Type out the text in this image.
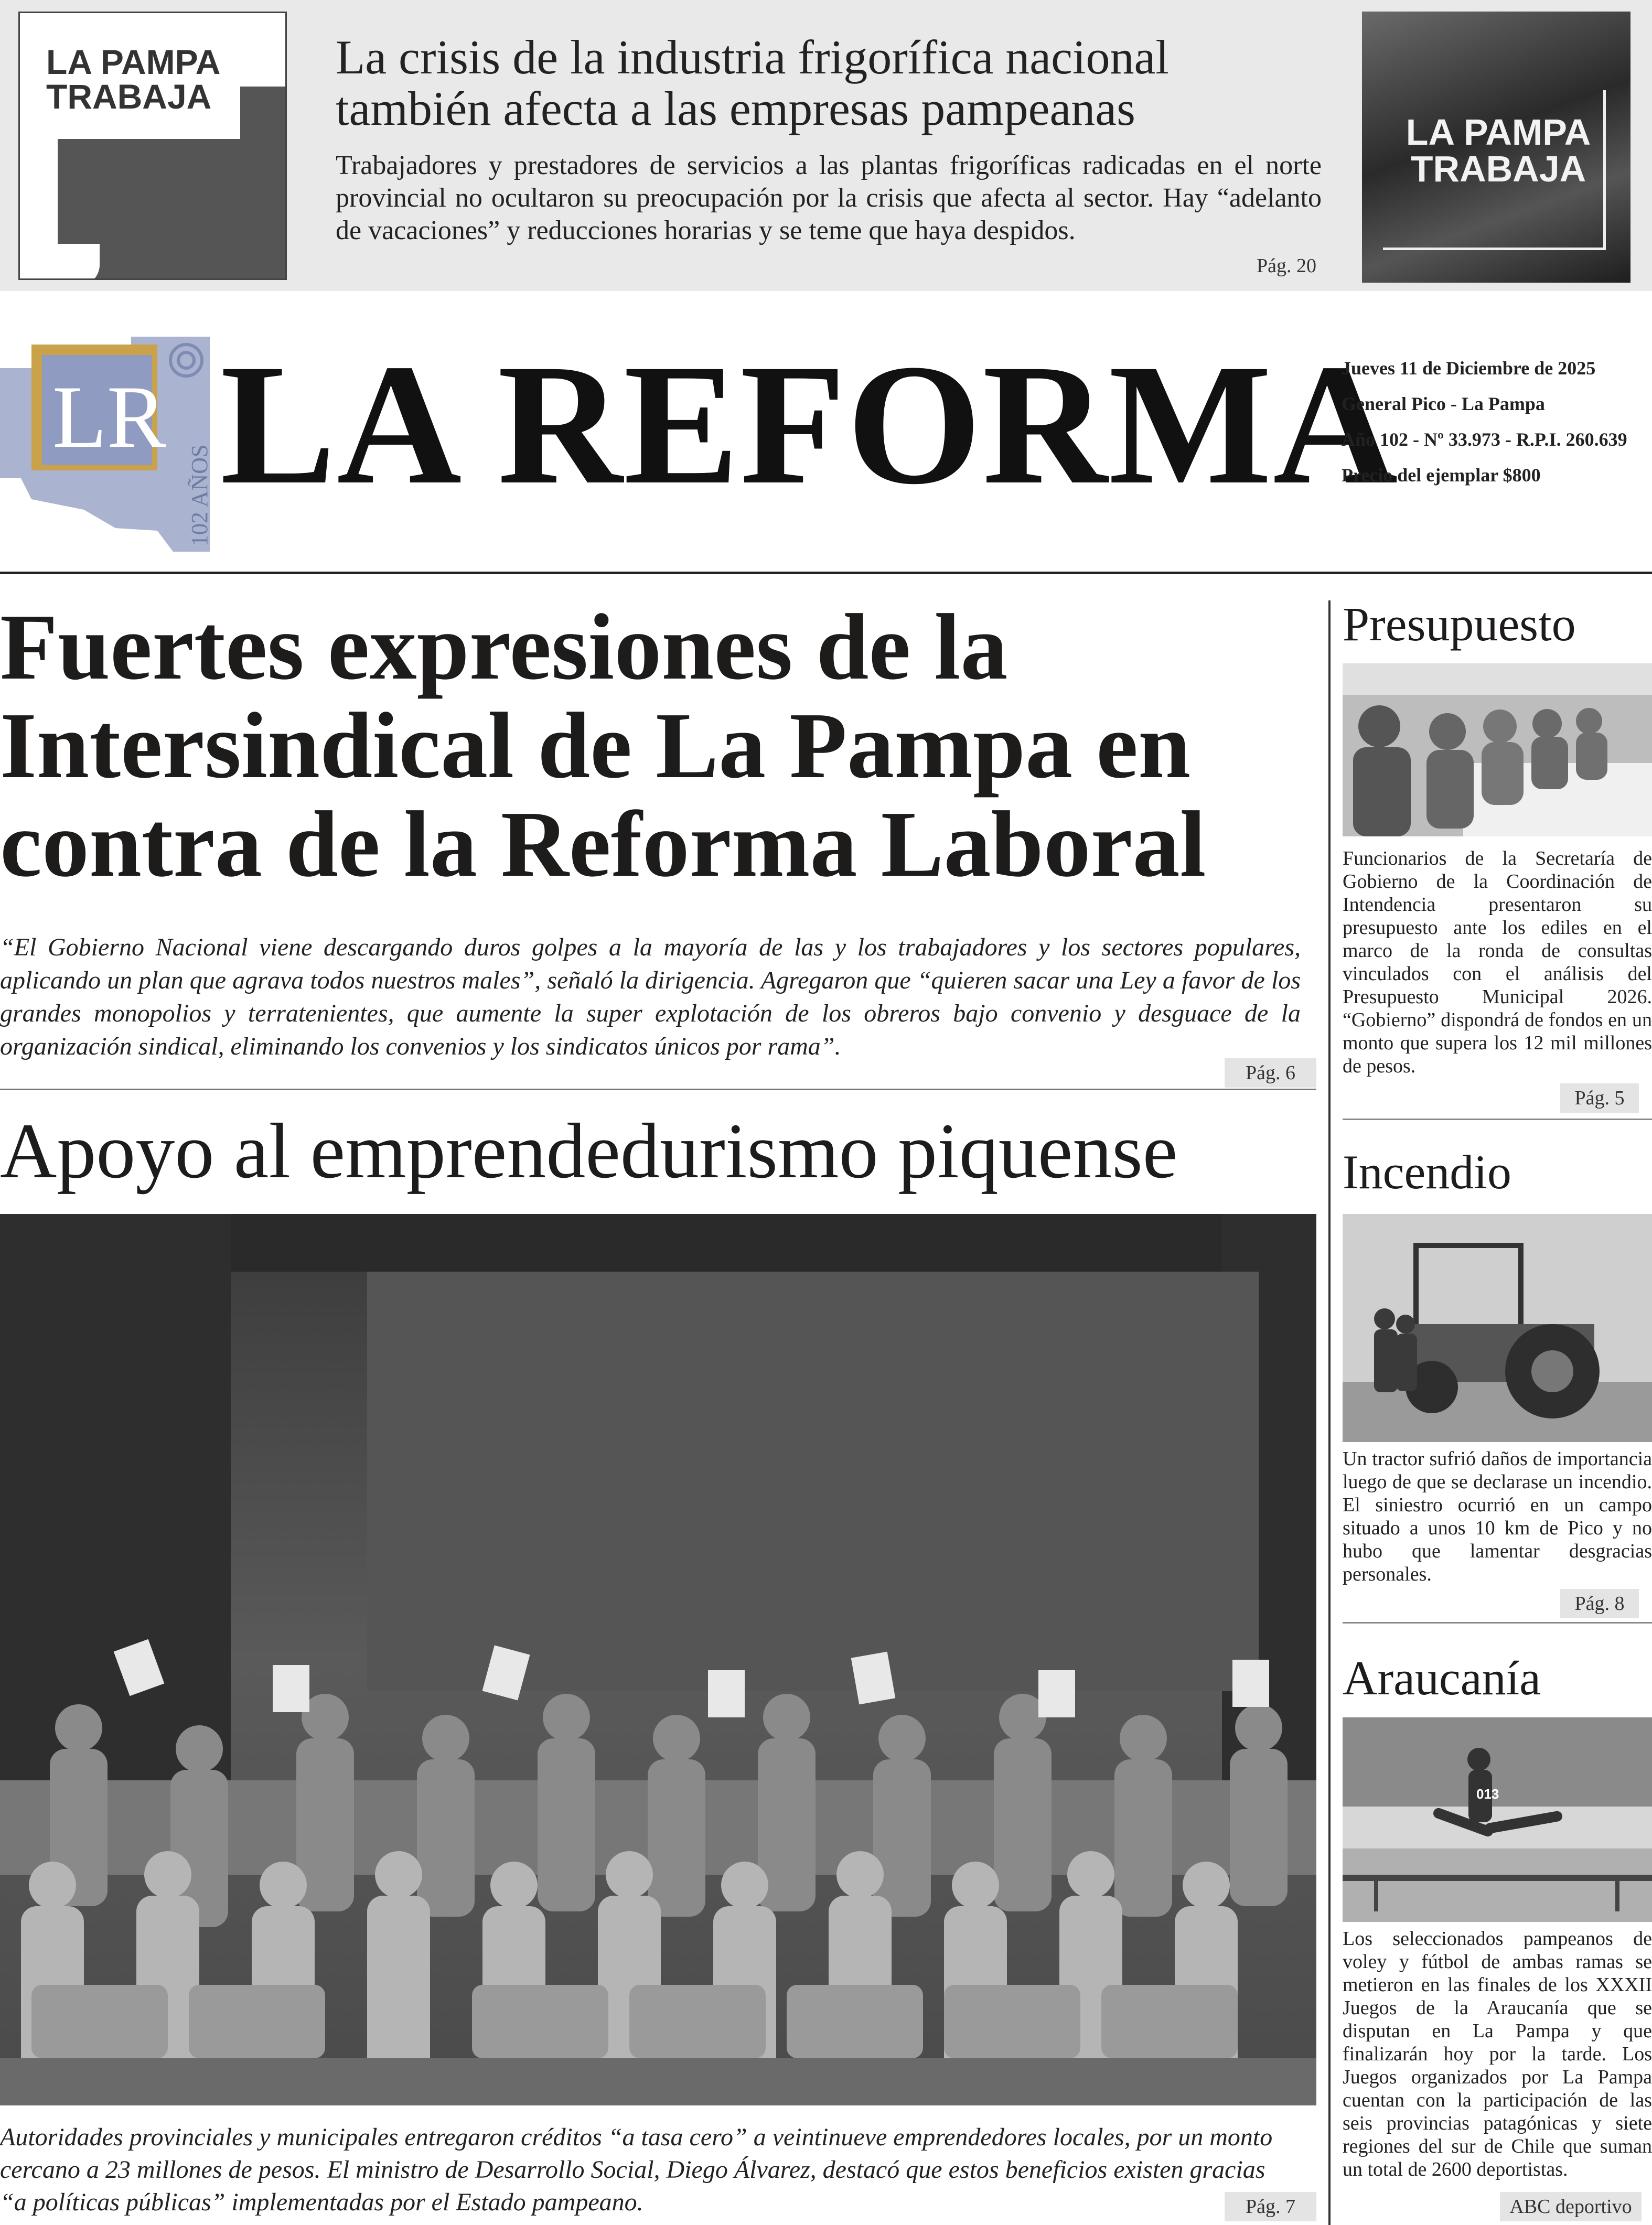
LA PAMPA
TRABAJA
La crisis de la industria frigorífica nacional también afecta a las empresas pampeanas
Trabajadores y prestadores de servicios a las plantas frigoríficas radicadas en el norte provincial no ocultaron su preocupación por la crisis que afecta al sector. Hay “adelanto de vacaciones” y reducciones horarias y se teme que haya despidos.
Pág. 20
LA PAMPA
TRABAJA
LR
102 AÑOS LA REFORMA
Jueves 11 de Diciembre de 2025
General Pico - La Pampa
Año 102 - Nº 33.973 - R.P.I. 260.639
Precio del ejemplar $800
Fuertes expresiones de la Intersindical de La Pampa en contra de la Reforma Laboral
“El Gobierno Nacional viene descargando duros golpes a la mayoría de las y los trabajadores y los sectores populares, aplicando un plan que agrava todos nuestros males”, señaló la dirigencia. Agregaron que “quieren sacar una Ley a favor de los grandes monopolios y terratenientes, que aumente la super explotación de los obreros bajo convenio y desguace de la organización sindical, eliminando los convenios y los sindicatos únicos por rama”.
Pág. 6
Apoyo al emprendedurismo piquense
Autoridades provinciales y municipales entregaron créditos “a tasa cero” a veintinueve emprendedores locales, por un monto cercano a 23 millones de pesos. El ministro de Desarrollo Social, Diego Álvarez, destacó que estos beneficios existen gracias “a políticas públicas” implementadas por el Estado pampeano.	Pág. 7
Presupuesto
Funcionarios de la Secretaría de Gobierno de la Coordinación de Intendencia presentaron su presupuesto ante los ediles en el marco de la ronda de consultas vinculados con el análisis del Presupuesto Municipal 2026. “Gobierno” dispondrá de fondos en un monto que supera los 12 mil millones de pesos.
Pág. 5
Incendio
Un tractor sufrió daños de importancia luego de que se declarase un incendio. El siniestro ocurrió en un campo situado a unos 10 km de Pico y no hubo que lamentar desgracias personales.
Pág. 8
Araucanía
013
Los seleccionados pampeanos de voley y fútbol de ambas ramas se metieron en las finales de los XXXII Juegos de la Araucanía que se disputan en La Pampa y que finalizarán hoy por la tarde. Los Juegos organizados por La Pampa cuentan con la participación de las seis provincias patagónicas y siete regiones del sur de Chile que suman un total de 2600 deportistas.
ABC deportivo
